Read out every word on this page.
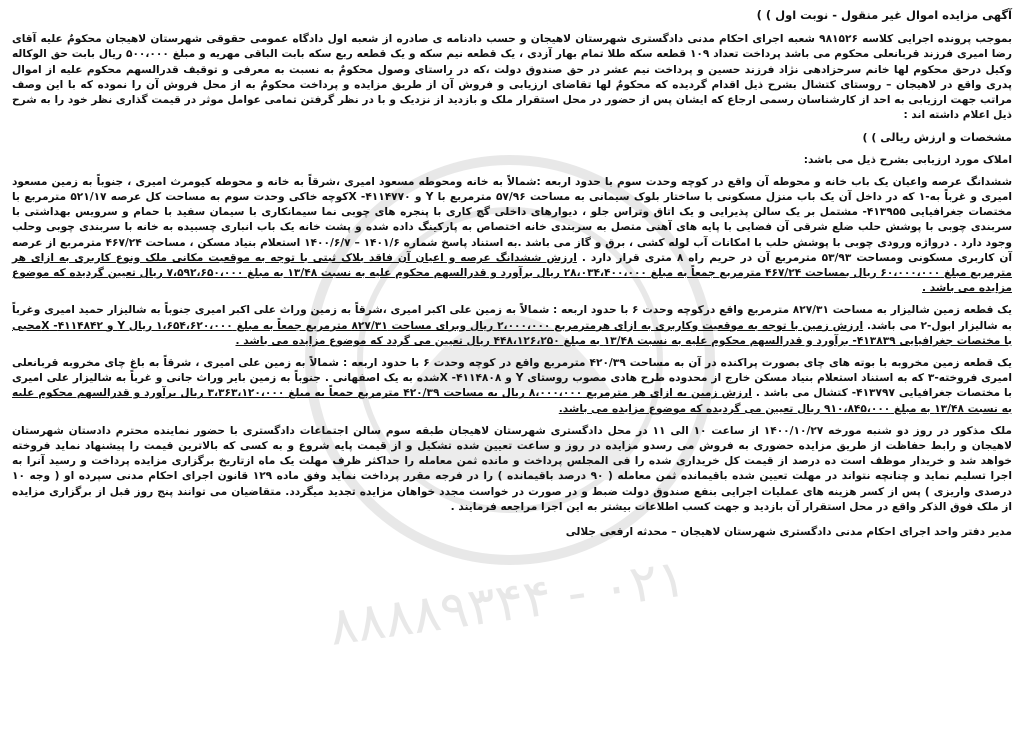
۰۲۱ - ۸۸۸۸۹۳۴۴
آگهی مزایده اموال غیر منقول - نوبت اول ) )

بموجب پرونده اجرایی کلاسه ۹۸۱۵۲۶ شعبه اجرای احکام مدنی دادگستری شهرستان لاهیجان و حسب دادنامه ی صادره از شعبه اول دادگاه عمومی حقوقی شهرستان لاهیجان محکومٌ علیه آقای رضا امیری فرزند قربانعلی محکوم می باشد پرداخت تعداد ۱۰۹ قطعه سکه طلا تمام بهار آزدی ، یک قطعه نیم سکه و یک قطعه ربع سکه بابت الباقی مهریه و مبلغ ۵۰۰،۰۰۰ ریال بابت حق الوکاله وکیل درحق محکوم لها خانم سرحزادهی نژاد فرزند حسین و پرداخت نیم عشر در حق صندوق دولت ،که در راستای وصول محکومٌ به نسبت به معرفی و توقیف قدرالسهم محکوم علیه از اموال پدری واقع در لاهیجان – روستای کتشال بشرح ذیل اقدام گردیده که محکومٌ لها تقاضای ارزیابی و فروش آن از طریق مزایده و پرداخت محکومٌ به از محل فروش آن را نموده که با این وصف مراتب جهت ارزیابی به احد از کارشناسان رسمی ارجاع که ایشان پس از حضور در محل استقرار ملک و بازدید از نزدیک و با در نظر گرفتن تمامی عوامل موثر در قیمت گذاری نظر خود را به شرح ذیل اعلام داشته اند :

مشخصات و ارزش ریالی ) )

املاک مورد ارزیابی بشرح ذیل می باشد:

ششدانگ عرصه واعیان یک باب خانه و محوطه آن واقع در کوچه وحدت سوم با حدود اربعه :شمالاً به خانه ومحوطه مسعود امیری ،شرقاً به خانه و محوطه کیومرث امیری ، جنوباً به زمین مسعود امیری و غرباً به-۱ که در داخل آن یک باب منزل مسکونی با ساختار بلوک سیمانی به مساحت ۵۷/۹۶ مترمربع با Y و ۴۱۱۴۷۷۰- Xکوچه خاکی وحدت سوم به مساحت کل عرصه ۵۲۱/۱۷ مترمربع با مختصات جغرافیایی ۴۱۳۹۵۵- مشتمل بر یک سالن پذیرایی و یک اتاق وتراس جلو ، دیوارهای داخلی گچ کاری با پنجره های چوبی نما سیمانکاری با سیمان سفید با حمام و سرویس بهداشتی با سربندی چوبی با پوشش حلب ضلع شرقی آن فضایی با پایه های آهنی متصل به سربندی خانه اختصاص به پارکینگ داده شده و پشت خانه یک باب انباری چسبیده به خانه با سربندی چوبی وحلب وجود دارد . درواژه ورودی چوبی با پوشش حلب با امکانات آب لوله کشی ، برق و گاز می باشد .به استناد پاسخ شماره ۱۴۰۱/۶ – ۱۴۰۰/۶/۷ استعلام بنیاد مسکن ، مساحت ۴۶۷/۲۴ مترمربع از عرصه آن کاربری مسکونی ومساحت ۵۳/۹۳ مترمربع آن در حریم راه ۸ متری قرار دارد . ارزش ششدانگ عرصه و اعیان آن فاقد بلاک ثبتی با توجه به موقعیت مکانی ملک ونوع کاربری به ازای هر مترمربع مبلغ ۶۰،۰۰۰،۰۰۰ ریال بمساحت ۴۶۷/۲۴ مترمربع جمعاً به مبلغ ۲۸،۰۳۴،۴۰۰،۰۰۰ ریال برآورد و قدرالسهم محکوم علیه به نسبت ۱۳/۴۸ به مبلغ ۷،۵۹۲،۶۵۰،۰۰۰ ریال تعیین گردیده که موضوع مزایده می باشد .

یک قطعه زمین شالیزار به مساحت ۸۲۷/۳۱ مترمربع واقع درکوچه وحدت ۶ با حدود اربعه : شمالاً به زمین علی اکبر امیری ،شرقاً به زمین وراث علی اکبر امیری جنوباً به شالیزار حمید امیری وغرباً به شالیزار ابول-۲ می باشد. ارزش زمین با توجه به موقعیت وکاربری به ازای هرمترمربع ۲،۰۰۰،۰۰۰ ریال وبرای مساحت ۸۲۷/۳۱ مترمربع جمعاً به مبلغ ۱،۶۵۴،۶۲۰،۰۰۰ ریال Y و ۴۱۱۴۸۴۲- Xمحبی با مختصات جغرافیایی ۴۱۳۸۳۹- برآورد و قدرالسهم محکوم علیه به نسبت ۱۳/۴۸ به مبلغ ۴۴۸،۱۲۶،۲۵۰ ریال تعیین می گردد که موضوع مزایده می باشد .

یک قطعه زمین مخروبه با بوته های چای بصورت پراکنده در آن به مساحت ۴۲۰/۳۹ مترمربع واقع در کوچه وحدت ۶ با حدود اربعه : شمالاً به زمین علی امیری ، شرقاً به باغ چای مخروبه قربانعلی امیری فروخته-۳ که به استناد استعلام بنیاد مسکن خارج از محدوده طرح هادی مصوب روستای Y و ۴۱۱۴۸۰۸- Xشده به یک اصفهانی . جنوباً به زمین بایر وراث جانی و غرباً به شالیزار علی امیری با مختصات جغرافیایی ۴۱۳۷۹۷- کتشال می باشد . ارزش زمین به ازای هر مترمربع ۸،۰۰۰،۰۰۰ ریال به مساحت ۴۲۰/۳۹ مترمربع جمعاً به مبلغ ۳،۳۶۳،۱۲۰،۰۰۰ ریال برآورد و قدرالسهم محکوم علیه به نسبت ۱۳/۴۸ به مبلغ ۹۱۰،۸۴۵،۰۰۰ ریال تعیین می گردیده که موضوع مزایده می باشد.

ملک مذکور در روز دو شنبه مورخه ۱۴۰۰/۱۰/۲۷ از ساعت ۱۰ الی ۱۱ در محل دادگستری شهرستان لاهیجان طبقه سوم سالن اجتماعات دادگستری با حضور نماینده محترم دادستان شهرستان لاهیجان و رابط حفاظت از طریق مزایده حضوری به فروش می رسدو مزایده در روز و ساعت تعیین شده تشکیل و از قیمت پایه شروع و به کسی که بالاترین قیمت را پیشنهاد نماید فروخته خواهد شد و خریدار موظف است ده درصد از قیمت کل خریداری شده را فی المجلس پرداخت و مانده ثمن معامله را حداکثر ظرف مهلت یک ماه ازتاریخ برگزاری مزایده پرداخت و رسید آنرا به اجرا تسلیم نماید و چنانچه نتواند در مهلت تعیین شده باقیمانده ثمن معامله ( ۹۰ درصد باقیمانده ) را در فرجه مقرر پرداخت نماید وفق ماده ۱۲۹ قانون اجرای احکام مدنی سپرده او ( وجه ۱۰ درصدی واریزی ) پس از کسر هزینه های عملیات اجرایی بنفع صندوق دولت ضبط و در صورت در خواست مجدد خواهان مزایده تجدید میگردد. متقاضیان می توانند پنج روز قبل از برگزاری مزایده از ملک فوق الذکر واقع در محل استقرار آن بازدید و جهت کسب اطلاعات بیشتر به این اجرا مراجعه فرمایند .

مدیر دفتر واحد اجرای احکام مدنی دادگستری شهرستان لاهیجان – محدثه ارفعی جلالی
